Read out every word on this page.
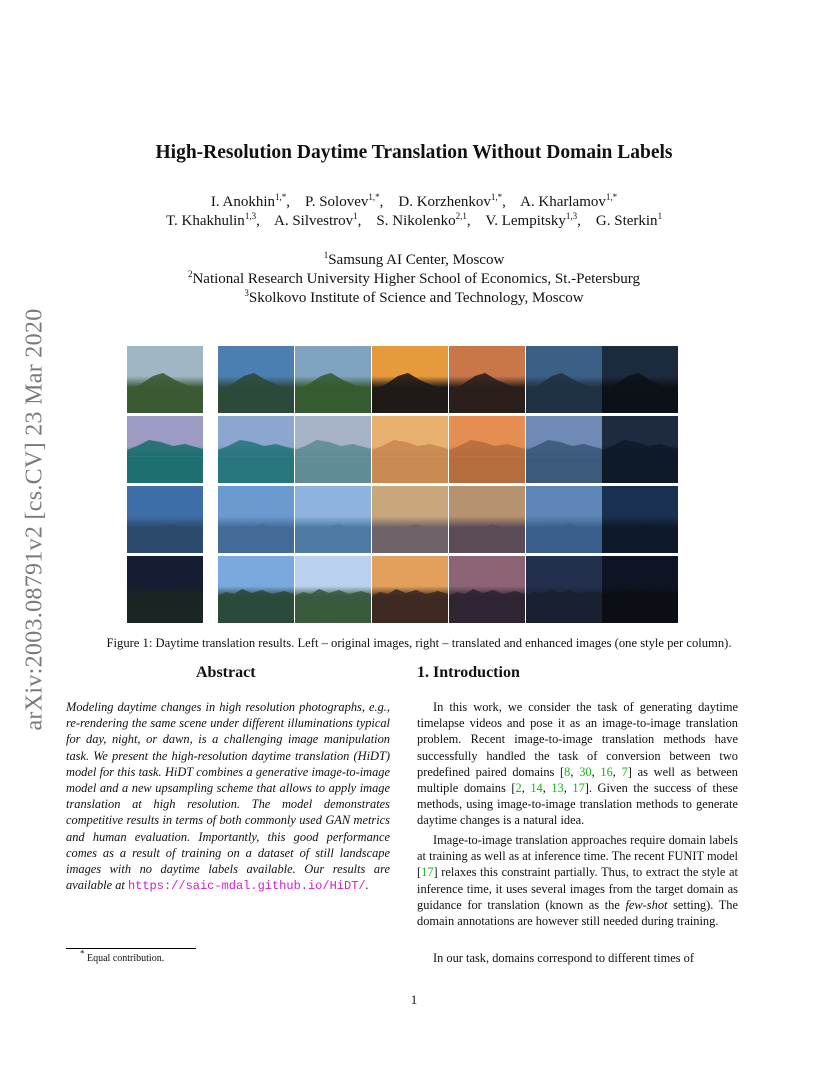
High-Resolution Daytime Translation Without Domain Labels
I. Anokhin$^{1,*}$,    P. Solovev$^{1,*}$,    D. Korzhenkov$^{1,*}$,    A. Kharlamov$^{1,*}$
T. Khakhulin$^{1,3}$,    A. Silvestrov$^1$,    S. Nikolenko$^{2,1}$,    V. Lempitsky$^{1,3}$,    G. Sterkin$^1$
$^1$Samsung AI Center, Moscow
$^2$National Research University Higher School of Economics, St.-Petersburg
$^3$Skolkovo Institute of Science and Technology, Moscow
arXiv:2003.08791v2 [cs.CV] 23 Mar 2020	Figure 1: Daytime translation results. Left – original images, right – translated and enhanced images (one style per column).
Abstract	1. Introduction
Modeling daytime changes in high resolution photographs, e.g., re-rendering the same scene under different illuminations typical for day, night, or dawn, is a challenging image manipulation task. We present the high-resolution daytime translation (HiDT) model for this task. HiDT combines a generative image-to-image model and a new upsampling scheme that allows to apply image translation at high resolution. The model demonstrates competitive results in terms of both commonly used GAN metrics and human evaluation. Importantly, this good performance comes as a result of training on a dataset of still landscape images with no daytime labels available. Our results are available at https://saic-mdal.github.io/HiDT/.
In this work, we consider the task of generating daytime timelapse videos and pose it as an image-to-image translation problem. Recent image-to-image translation methods have successfully handled the task of conversion between two predefined paired domains [8, 30, 16, 7] as well as between multiple domains [2, 14, 13, 17]. Given the success of these methods, using image-to-image translation methods to generate daytime changes is a natural idea.
Image-to-image translation approaches require domain labels at training as well as at inference time. The recent FUNIT model [17] relaxes this constraint partially. Thus, to extract the style at inference time, it uses several images from the target domain as guidance for translation (known as the few-shot setting). The domain annotations are however still needed during training.
In our task, domains correspond to different times of
* Equal contribution.
1
